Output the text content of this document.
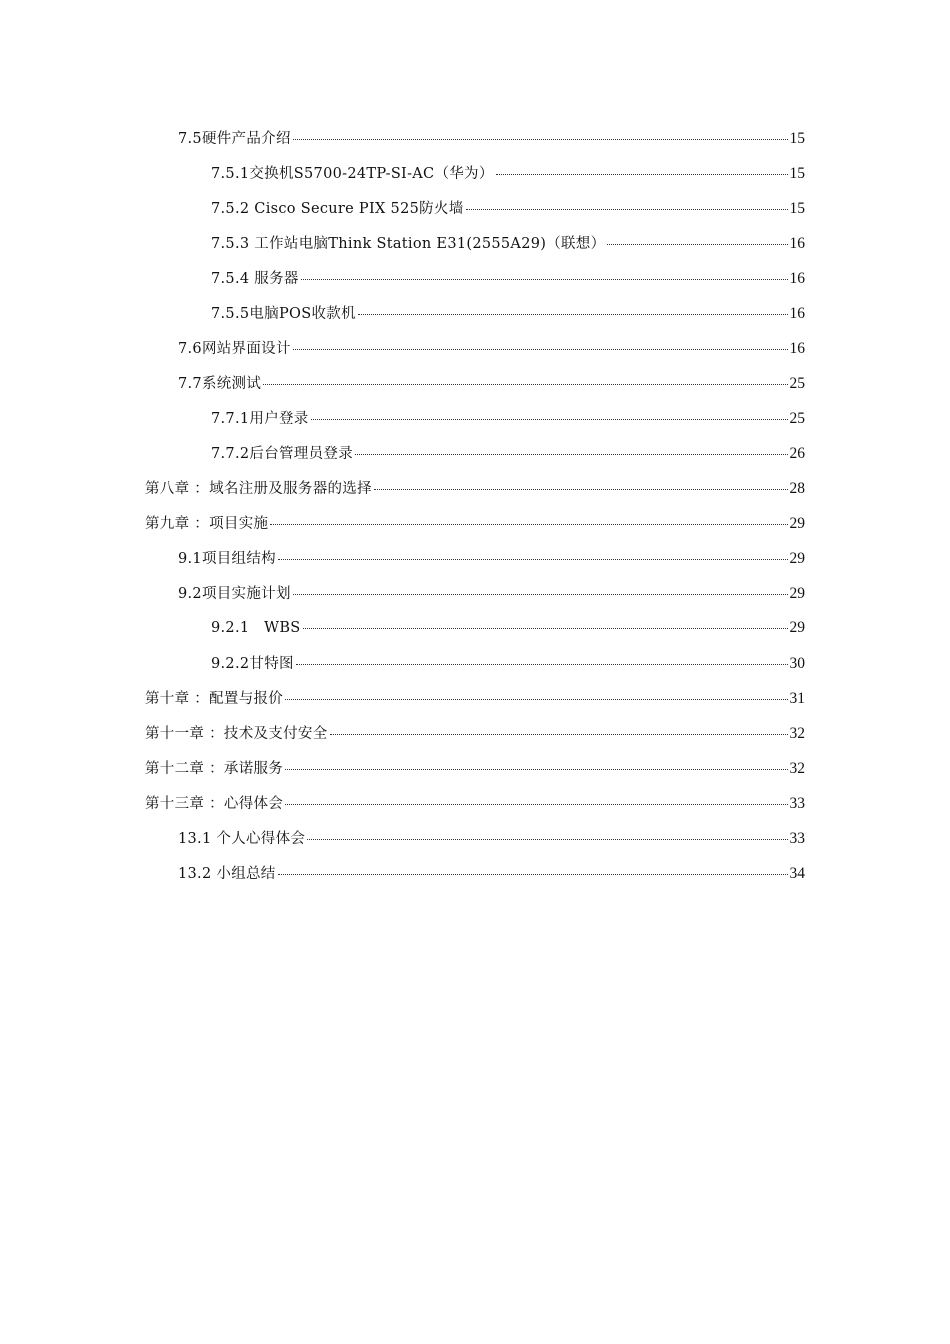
7.5硬件产品介绍	15
7.5.1交换机S5700-24TP-SI-AC（华为）	15
7.5.2 Cisco Secure PIX 525防火墙	15
7.5.3 工作站电脑Think Station E31(2555A29)（联想）	16
7.5.4 服务器	16
7.5.5电脑POS收款机	16
7.6网站界面设计	16
7.7系统测试	25
7.7.1用户登录	25
7.7.2后台管理员登录	26
第八章 ：域名注册及服务器的选择	28
第九章 ：项目实施	29
9.1项目组结构	29
9.2项目实施计划	29
9.2.1   WBS	29
9.2.2甘特图	30
第十章 ：配置与报价	31
第十一章 ：技术及支付安全	32
第十二章 ：承诺服务	32
第十三章 ：心得体会	33
13.1 个人心得体会	33
13.2 小组总结	34
